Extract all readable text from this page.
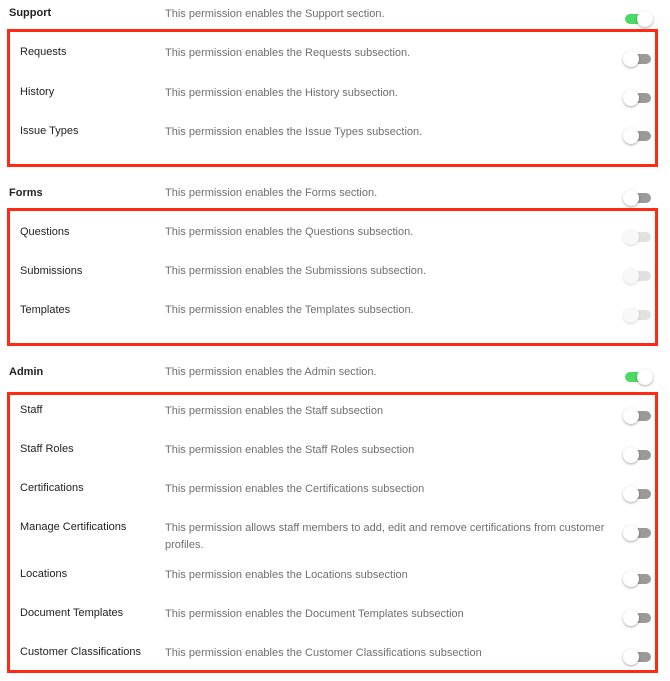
Support	This permission enables the Support section.
Requests	This permission enables the Requests subsection.
History	This permission enables the History subsection.
Issue Types	This permission enables the Issue Types subsection.
Forms	This permission enables the Forms section.
Questions	This permission enables the Questions subsection.
Submissions	This permission enables the Submissions subsection.
Templates	This permission enables the Templates subsection.
Admin	This permission enables the Admin section.
Staff	This permission enables the Staff subsection
Staff Roles	This permission enables the Staff Roles subsection
Certifications	This permission enables the Certifications subsection
Manage Certifications	This permission allows staff members to add, edit and remove certifications from customer profiles.
Locations	This permission enables the Locations subsection
Document Templates	This permission enables the Document Templates subsection
Customer Classifications This permission enables the Customer Classifications subsection
